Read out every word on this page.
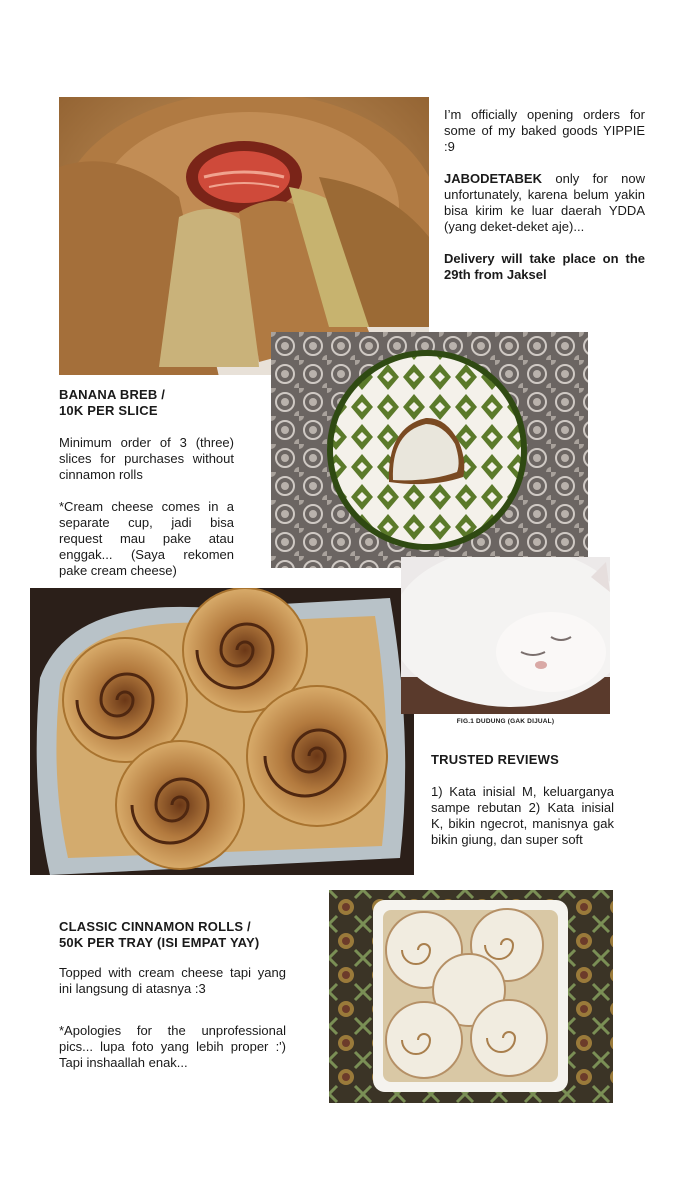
I’m officially opening orders for some of my baked goods YIPPIE :9

JABODETABEK only for now unfortunately, karena belum yakin bisa kirim ke luar daerah YDDA (yang deket-deket aje)...

Delivery will take place on the 29th from Jaksel

BANANA BREB /
10K PER SLICE

Minimum order of 3 (three) slices for purchases without cinnamon rolls

*Cream cheese comes in a separate cup, jadi bisa request mau pake atau enggak... (Saya rekomen pake cream cheese)

FIG.1 DUDUNG (GAK DIJUAL)
TRUSTED REVIEWS

1) Kata inisial M, keluarganya sampe rebutan 2) Kata inisial K, bikin ngecrot, manisnya gak bikin giung, dan super soft

CLASSIC CINNAMON ROLLS /
50K PER TRAY (ISI EMPAT YAY)

Topped with cream cheese tapi yang ini langsung di atasnya :3

*Apologies for the unprofessional pics... lupa foto yang lebih proper :') Tapi inshaallah enak...
